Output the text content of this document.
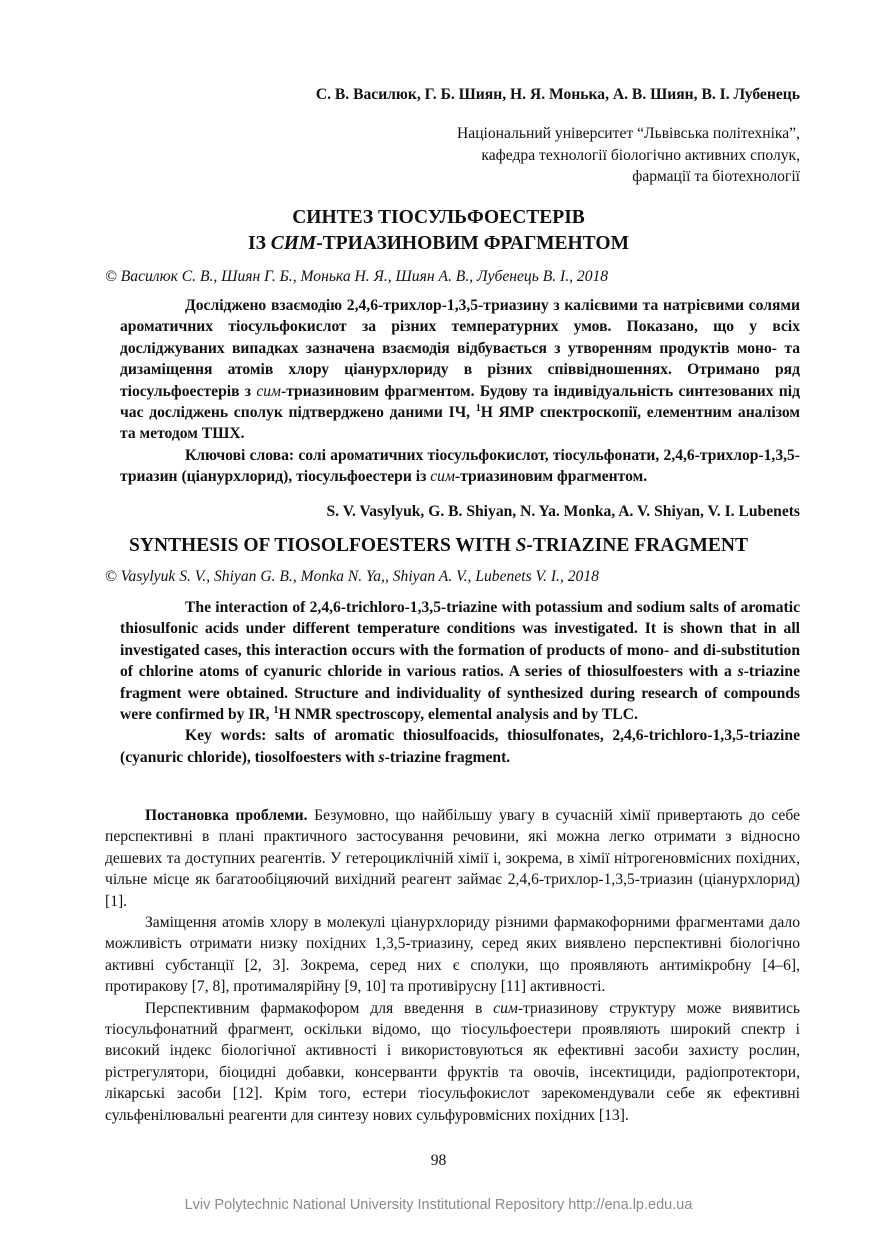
С. В. Василюк, Г. Б. Шиян, Н. Я. Монька, А. В. Шиян, В. І. Лубенець
Національний університет “Львівська політехніка”,
кафедра технології біологічно активних сполук,
фармації та біотехнології
СИНТЕЗ ТІОСУЛЬФОЕСТЕРІВ
ІЗ СИМ-ТРИАЗИНОВИМ ФРАГМЕНТОМ
© Василюк С. В., Шиян Г. Б., Монька Н. Я., Шиян А. В., Лубенець В. І., 2018

Досліджено взаємодію 2,4,6-трихлор-1,3,5-триазину з калієвими та натрієвими солями ароматичних тіосульфокислот за різних температурних умов. Показано, що у всіх досліджуваних випадках зазначена взаємодія відбувається з утворенням продуктів моно- та дизаміщення атомів хлору ціанурхлориду в різних співвідношеннях. Отримано ряд тіосульфоестерів з сим-триазиновим фрагментом. Будову та індивідуальність синтезованих під час досліджень сполук підтверджено даними ІЧ, $^1$Н ЯМР спектроскопії, елементним аналізом та методом ТШХ.

Ключові слова: солі ароматичних тіосульфокислот, тіосульфонати, 2,4,6-трихлор-1,3,5-триазин (ціанурхлорид), тіосульфоестери із сим-триазиновим фрагментом.

S. V. Vasylyuk, G. B. Shiyan, N. Ya. Monka, A. V. Shiyan, V. I. Lubenets
SYNTHESIS OF TIOSOLFOESTERS WITH S-TRIAZINE FRAGMENT
© Vasylyuk S. V., Shiyan G. B., Monka N. Ya,, Shiyan A. V., Lubenets V. I., 2018

The interaction of 2,4,6-trichloro-1,3,5-triazine with potassium and sodium salts of aromatic thiosulfonic acids under different temperature conditions was investigated. It is shown that in all investigated cases, this interaction occurs with the formation of products of mono- and di-substitution of chlorine atoms of cyanuric chloride in various ratios. A series of thiosulfoesters with a s-triazine fragment were obtained. Structure and individuality of synthesized during research of compounds were confirmed by IR, $^1$H NMR spectroscopy, elemental analysis and by TLC.

Key words: salts of aromatic thiosulfoacids, thiosulfonates, 2,4,6-trichloro-1,3,5-triazine (cyanuric chloride), tiosolfoesters with s-triazine fragment.

Постановка проблеми. Безумовно, що найбільшу увагу в сучасній хімії привертають до себе перспективні в плані практичного застосування речовини, які можна легко отримати з відносно дешевих та доступних реагентів. У гетероциклічній хімії і, зокрема, в хімії нітрогеновмісних похідних, чільне місце як багатообіцяючий вихідний реагент займає 2,4,6-трихлор-1,3,5-триазин (ціанурхлорид) [1].

Заміщення атомів хлору в молекулі ціанурхлориду різними фармакофорними фрагментами дало можливість отримати низку похідних 1,3,5-триазину, серед яких виявлено перспективні біологічно активні субстанції [2, 3]. Зокрема, серед них є сполуки, що проявляють антимікробну [4–6], протиракову [7, 8], протималярійну [9, 10] та противірусну [11] активності.

Перспективним фармакофором для введення в сим-триазинову структуру може виявитись тіосульфонатний фрагмент, оскільки відомо, що тіосульфоестери проявляють широкий спектр і високий індекс біологічної активності і використовуються як ефективні засоби захисту рослин, рістрегулятори, біоцидні добавки, консерванти фруктів та овочів, інсектициди, радіопротектори, лікарські засоби [12]. Крім того, естери тіосульфокислот зарекомендували себе як ефективні сульфенілювальні реагенти для синтезу нових сульфуровмісних похідних [13].

98
Lviv Polytechnic National University Institutional Repository http://ena.lp.edu.ua
